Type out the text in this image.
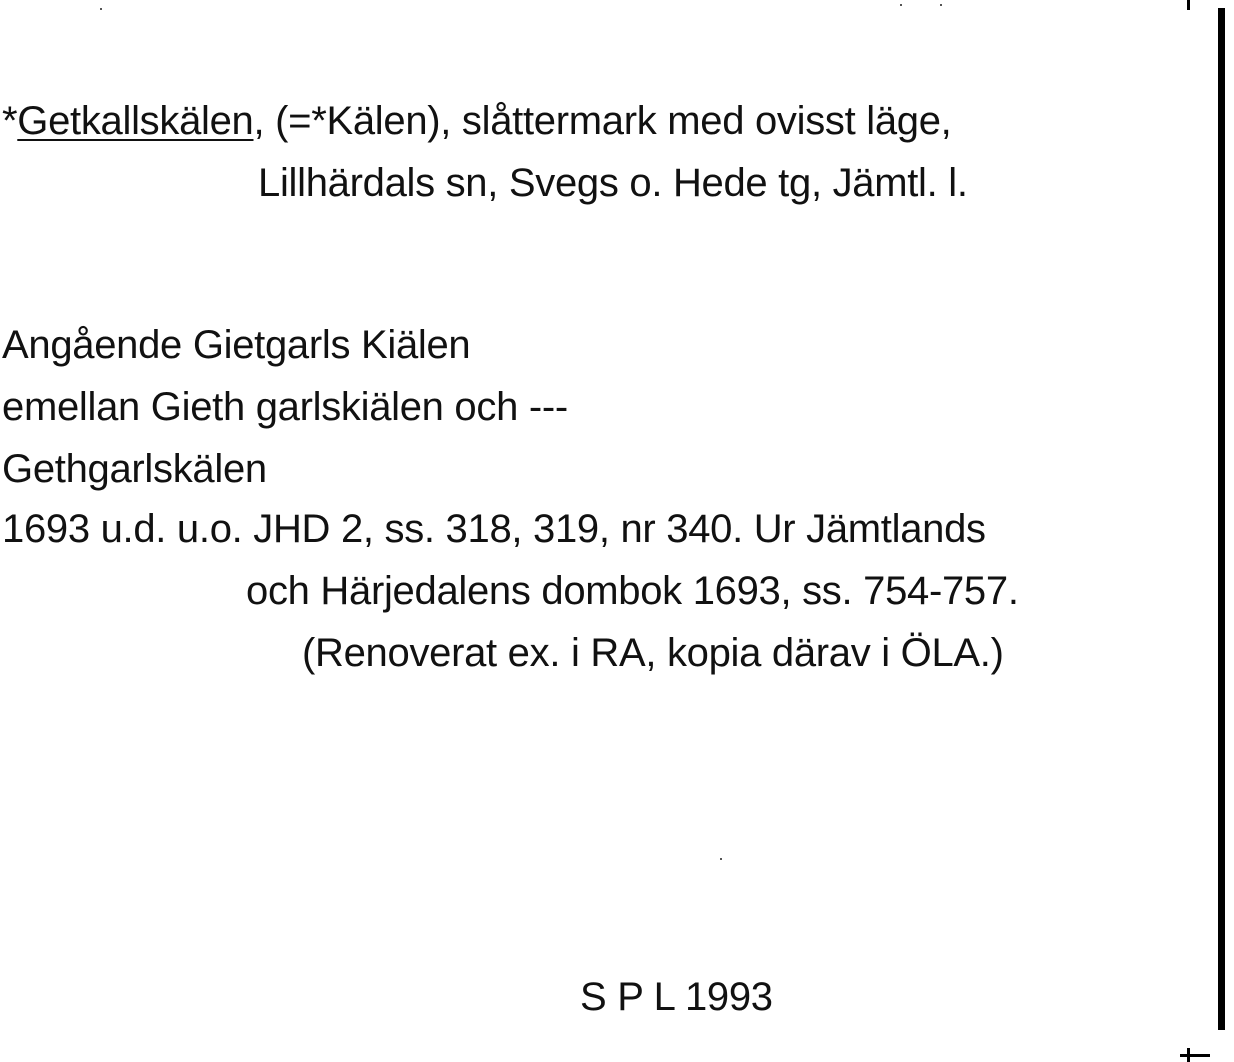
*Getkallskälen, (=*Kälen), slåttermark med ovisst läge,
Lillhärdals sn, Svegs o. Hede tg, Jämtl. l.
Angående Gietgarls Kiälen
emellan Gieth garlskiälen och ---
Gethgarlskälen
1693 u.d. u.o. JHD 2, ss. 318, 319, nr 340. Ur Jämtlands
och Härjedalens dombok 1693, ss. 754-757.
(Renoverat ex. i RA, kopia därav i ÖLA.)
S P L 1993
